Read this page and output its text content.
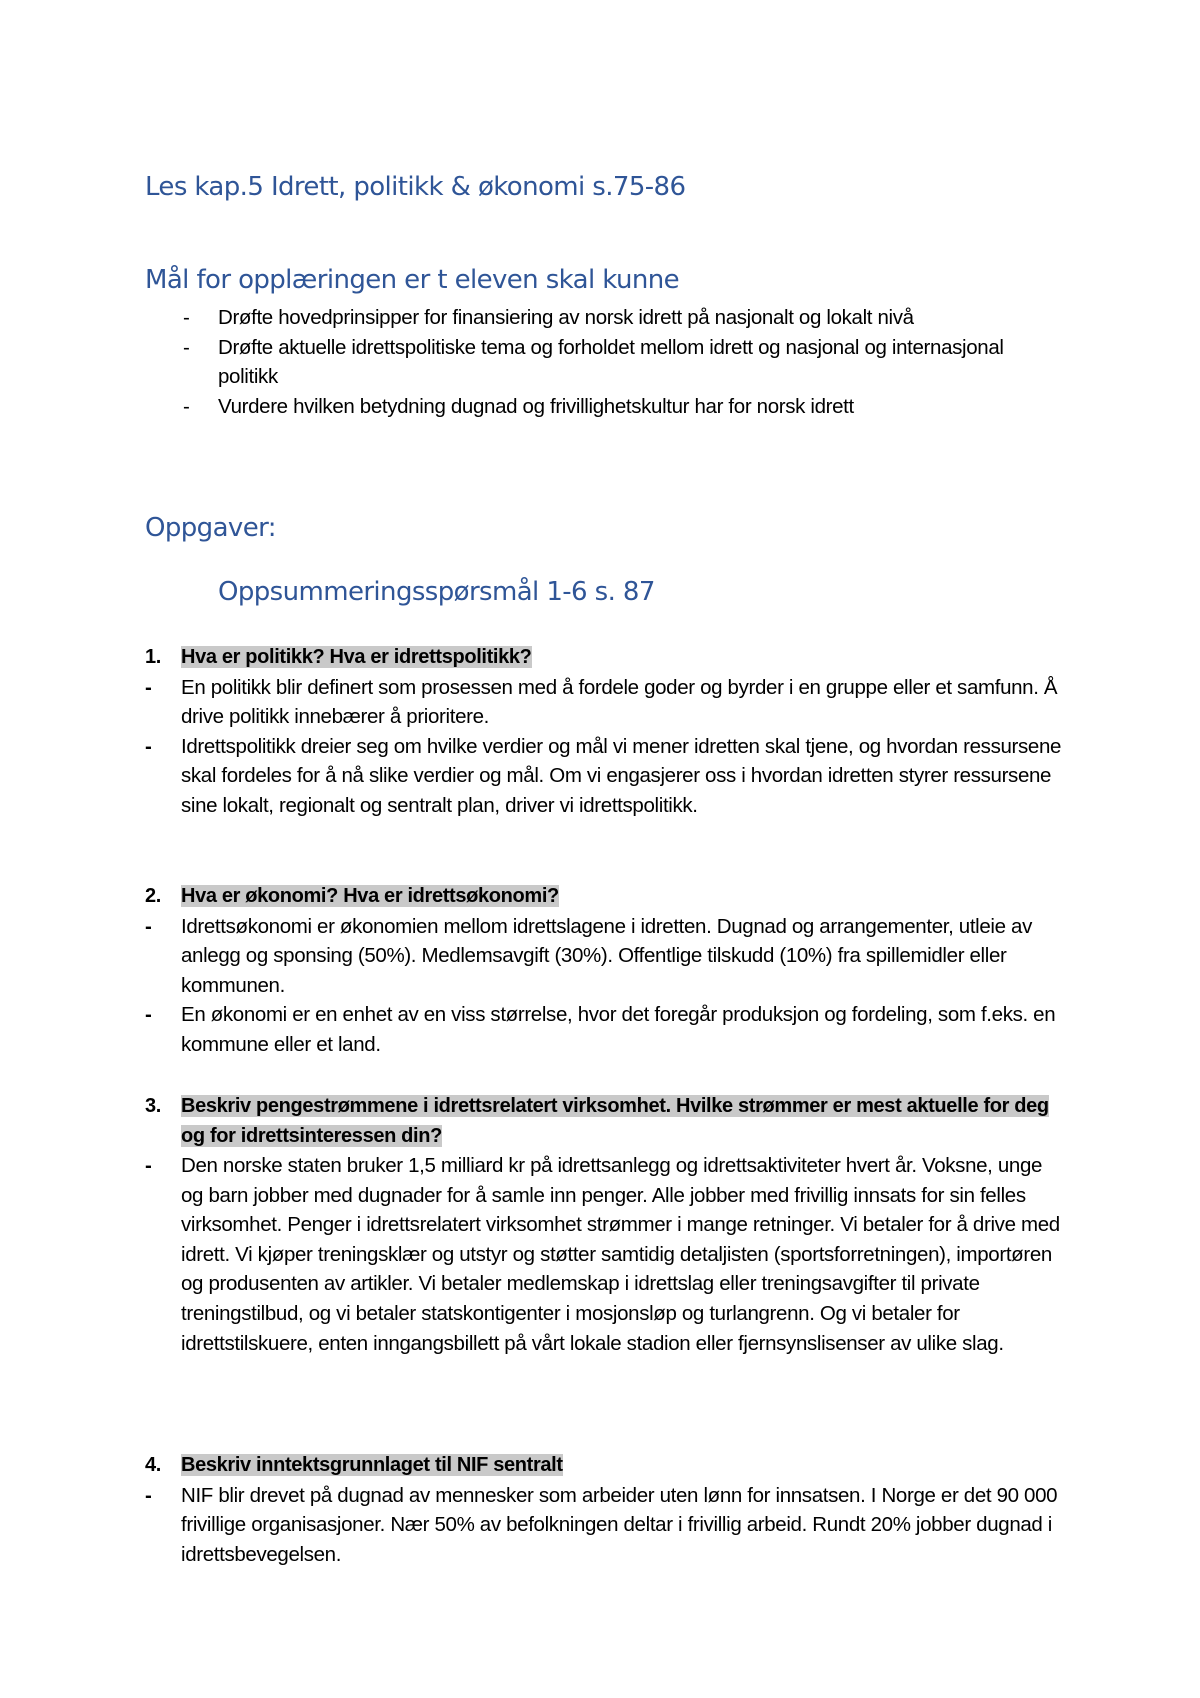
Les kap.5 Idrett, politikk & økonomi s.75-86
Mål for opplæringen er t eleven skal kunne
- Drøfte hovedprinsipper for finansiering av norsk idrett på nasjonalt og lokalt nivå
- Drøfte aktuelle idrettspolitiske tema og forholdet mellom idrett og nasjonal og internasjonal politikk
- Vurdere hvilken betydning dugnad og frivillighetskultur har for norsk idrett
Oppgaver:
Oppsummeringsspørsmål 1-6 s. 87
1. Hva er politikk? Hva er idrettspolitikk?
- En politikk blir definert som prosessen med å fordele goder og byrder i en gruppe eller et samfunn. Å drive politikk innebærer å prioritere.
- Idrettspolitikk dreier seg om hvilke verdier og mål vi mener idretten skal tjene, og hvordan ressursene skal fordeles for å nå slike verdier og mål. Om vi engasjerer oss i hvordan idretten styrer ressursene sine lokalt, regionalt og sentralt plan, driver vi idrettspolitikk.
2. Hva er økonomi? Hva er idrettsøkonomi?
- Idrettsøkonomi er økonomien mellom idrettslagene i idretten. Dugnad og arrangementer, utleie av anlegg og sponsing (50%). Medlemsavgift (30%). Offentlige tilskudd (10%) fra spillemidler eller kommunen.
- En økonomi er en enhet av en viss størrelse, hvor det foregår produksjon og fordeling, som f.eks. en kommune eller et land.
3. Beskriv pengestrømmene i idrettsrelatert virksomhet. Hvilke strømmer er mest aktuelle for deg og for idrettsinteressen din?
- Den norske staten bruker 1,5 milliard kr på idrettsanlegg og idrettsaktiviteter hvert år. Voksne, unge og barn jobber med dugnader for å samle inn penger. Alle jobber med frivillig innsats for sin felles virksomhet. Penger i idrettsrelatert virksomhet strømmer i mange retninger. Vi betaler for å drive med idrett. Vi kjøper treningsklær og utstyr og støtter samtidig detaljisten (sportsforretningen), importøren og produsenten av artikler. Vi betaler medlemskap i idrettslag eller treningsavgifter til private treningstilbud, og vi betaler statskontigenter i mosjonsløp og turlangrenn. Og vi betaler for idrettstilskuere, enten inngangsbillett på vårt lokale stadion eller fjernsynslisenser av ulike slag.
4. Beskriv inntektsgrunnlaget til NIF sentralt
- NIF blir drevet på dugnad av mennesker som arbeider uten lønn for innsatsen. I Norge er det 90 000 frivillige organisasjoner. Nær 50% av befolkningen deltar i frivillig arbeid. Rundt 20% jobber dugnad i idrettsbevegelsen.
